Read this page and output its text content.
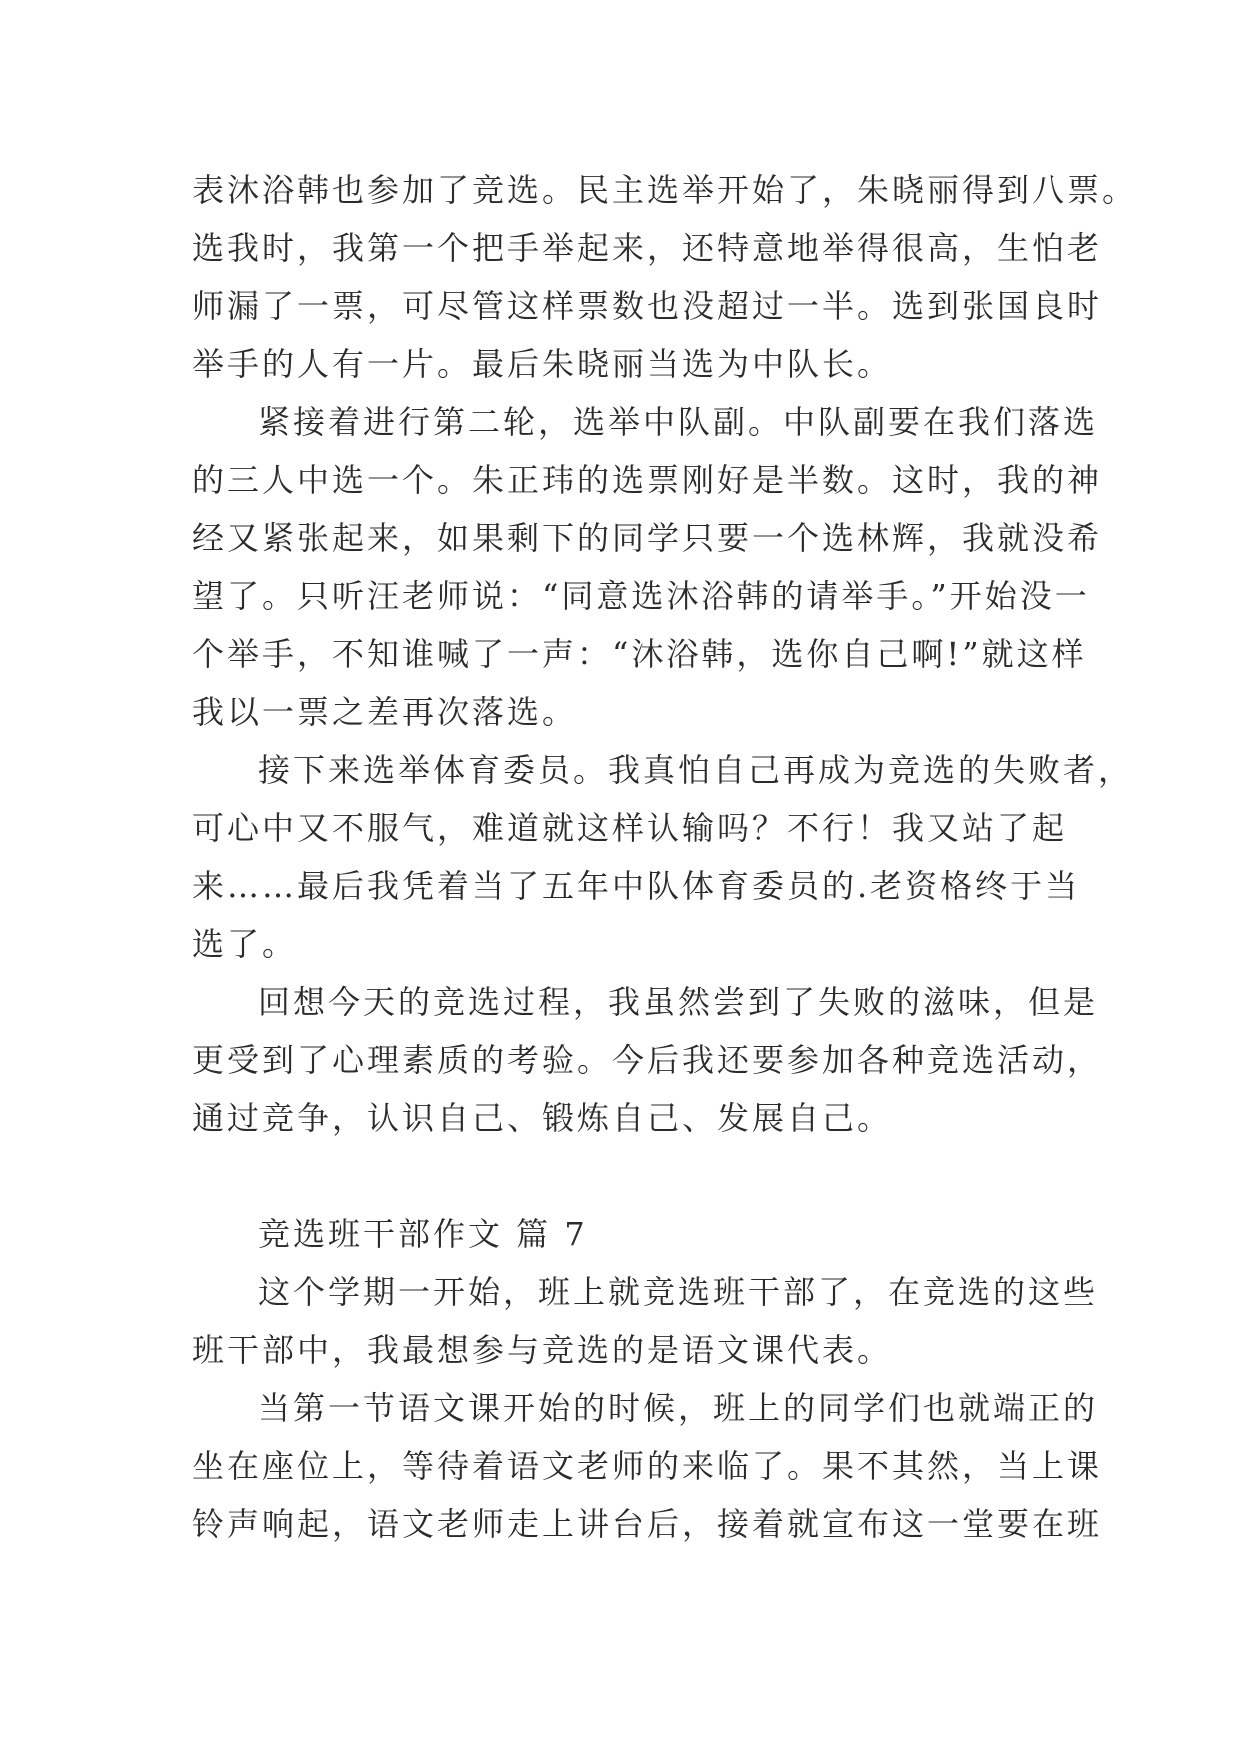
表沐浴韩也参加了竞选。民主选举开始了，朱晓丽得到八票。
选我时，我第一个把手举起来，还特意地举得很高，生怕老
师漏了一票，可尽管这样票数也没超过一半。选到张国良时
举手的人有一片。最后朱晓丽当选为中队长。
紧接着进行第二轮，选举中队副。中队副要在我们落选
的三人中选一个。朱正玮的选票刚好是半数。这时，我的神
经又紧张起来，如果剩下的同学只要一个选林辉，我就没希
望了。只听汪老师说：“同意选沐浴韩的请举手。”开始没一
个举手，不知谁喊了一声：“沐浴韩，选你自己啊!”就这样
我以一票之差再次落选。
接下来选举体育委员。我真怕自己再成为竞选的失败者，
可心中又不服气，难道就这样认输吗？不行！我又站了起
来……最后我凭着当了五年中队体育委员的.老资格终于当
选了。
回想今天的竞选过程，我虽然尝到了失败的滋味，但是
更受到了心理素质的考验。今后我还要参加各种竞选活动，
通过竞争，认识自己、锻炼自己、发展自己。
竞选班干部作文 篇 7
这个学期一开始，班上就竞选班干部了，在竞选的这些
班干部中，我最想参与竞选的是语文课代表。
当第一节语文课开始的时候，班上的同学们也就端正的
坐在座位上，等待着语文老师的来临了。果不其然，当上课
铃声响起，语文老师走上讲台后，接着就宣布这一堂要在班
